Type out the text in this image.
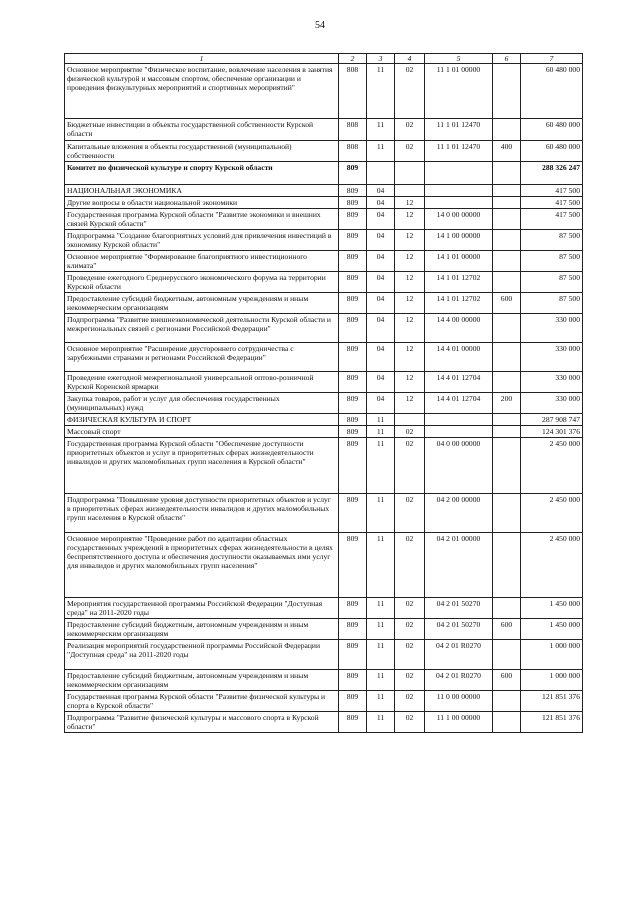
54
1	2	3	4	5	6	7
Основное мероприятие "Физическое воспитание, вовлечение населения в занятия физической культурой и массовым спортом, обеспечение организации и проведения физкультурных мероприятий и спортивных мероприятий"	808	11	02	11 1 01 00000		60 480 000
Бюджетные инвестиции в объекты государственной собственности Курской области	808	11	02	11 1 01 12470		60 480 000
Капитальные вложения в объекты государственной (муниципальной) собственности	808	11	02	11 1 01 12470	400	60 480 000
Комитет по физической культуре и спорту Курской области	809					288 326 247
НАЦИОНАЛЬНАЯ ЭКОНОМИКА	809	04				417 500
Другие вопросы в области национальной экономики	809	04	12			417 500
Государственная программа Курской области "Развитие экономики и внешних связей Курской области"	809	04	12	14 0 00 00000		417 500
Подпрограмма "Создание благоприятных условий для привлечения инвестиций в экономику Курской области"	809	04	12	14 1 00 00000		87 500
Основное мероприятие "Формирование благоприятного инвестиционного климата"	809	04	12	14 1 01 00000		87 500
Проведение ежегодного Среднерусского экономического форума на территории Курской области	809	04	12	14 1 01 12702		87 500
Предоставление субсидий бюджетным, автономным учреждениям и иным некоммерческим организациям	809	04	12	14 1 01 12702	600	87 500
Подпрограмма "Развитие внешнеэкономической деятельности Курской области и межрегиональных связей с регионами Российской Федерации"	809	04	12	14 4 00 00000		330 000
Основное мероприятие "Расширение двустороннего сотрудничества с зарубежными странами и регионами Российской Федерации"	809	04	12	14 4 01 00000		330 000
Проведение ежегодной межрегиональной универсальной оптово-розничной Курской Коренской ярмарки	809	04	12	14 4 01 12704		330 000
Закупка товаров, работ и услуг для обеспечения государственных (муниципальных) нужд	809	04	12	14 4 01 12704	200	330 000
ФИЗИЧЕСКАЯ КУЛЬТУРА И СПОРТ	809	11				287 908 747
Массовый спорт	809	11	02			124 301 376
Государственная программа Курской области "Обеспечение доступности приоритетных объектов и услуг в приоритетных сферах жизнедеятельности инвалидов и других маломобильных групп населения в Курской области"	809	11	02	04 0 00 00000		2 450 000
Подпрограмма "Повышение уровня доступности приоритетных объектов и услуг в приоритетных сферах жизнедеятельности инвалидов и других маломобильных групп населения в Курской области"	809	11	02	04 2 00 00000		2 450 000
Основное мероприятие "Проведение работ по адаптации областных государственных учреждений в приоритетных сферах жизнедеятельности в целях беспрепятственного доступа и обеспечения доступности оказываемых ими услуг для инвалидов и других маломобильных групп населения"	809	11	02	04 2 01 00000		2 450 000
Мероприятия государственной программы Российской Федерации "Доступная среда" на 2011-2020 годы	809	11	02	04 2 01 50270		1 450 000
Предоставление субсидий бюджетным, автономным учреждениям и иным некоммерческим организациям	809	11	02	04 2 01 50270	600	1 450 000
Реализация мероприятий государственной программы Российской Федерации "Доступная среда" на 2011-2020 годы	809	11	02	04 2 01 R0270		1 000 000
Предоставление субсидий бюджетным, автономным учреждениям и иным некоммерческим организациям	809	11	02	04 2 01 R0270	600	1 000 000
Государственная программа Курской области "Развитие физической культуры и спорта в Курской области"	809	11	02	11 0 00 00000		121 851 376
Подпрограмма "Развитие физической культуры и массового спорта в Курской области"	809	11	02	11 1 00 00000		121 851 376
